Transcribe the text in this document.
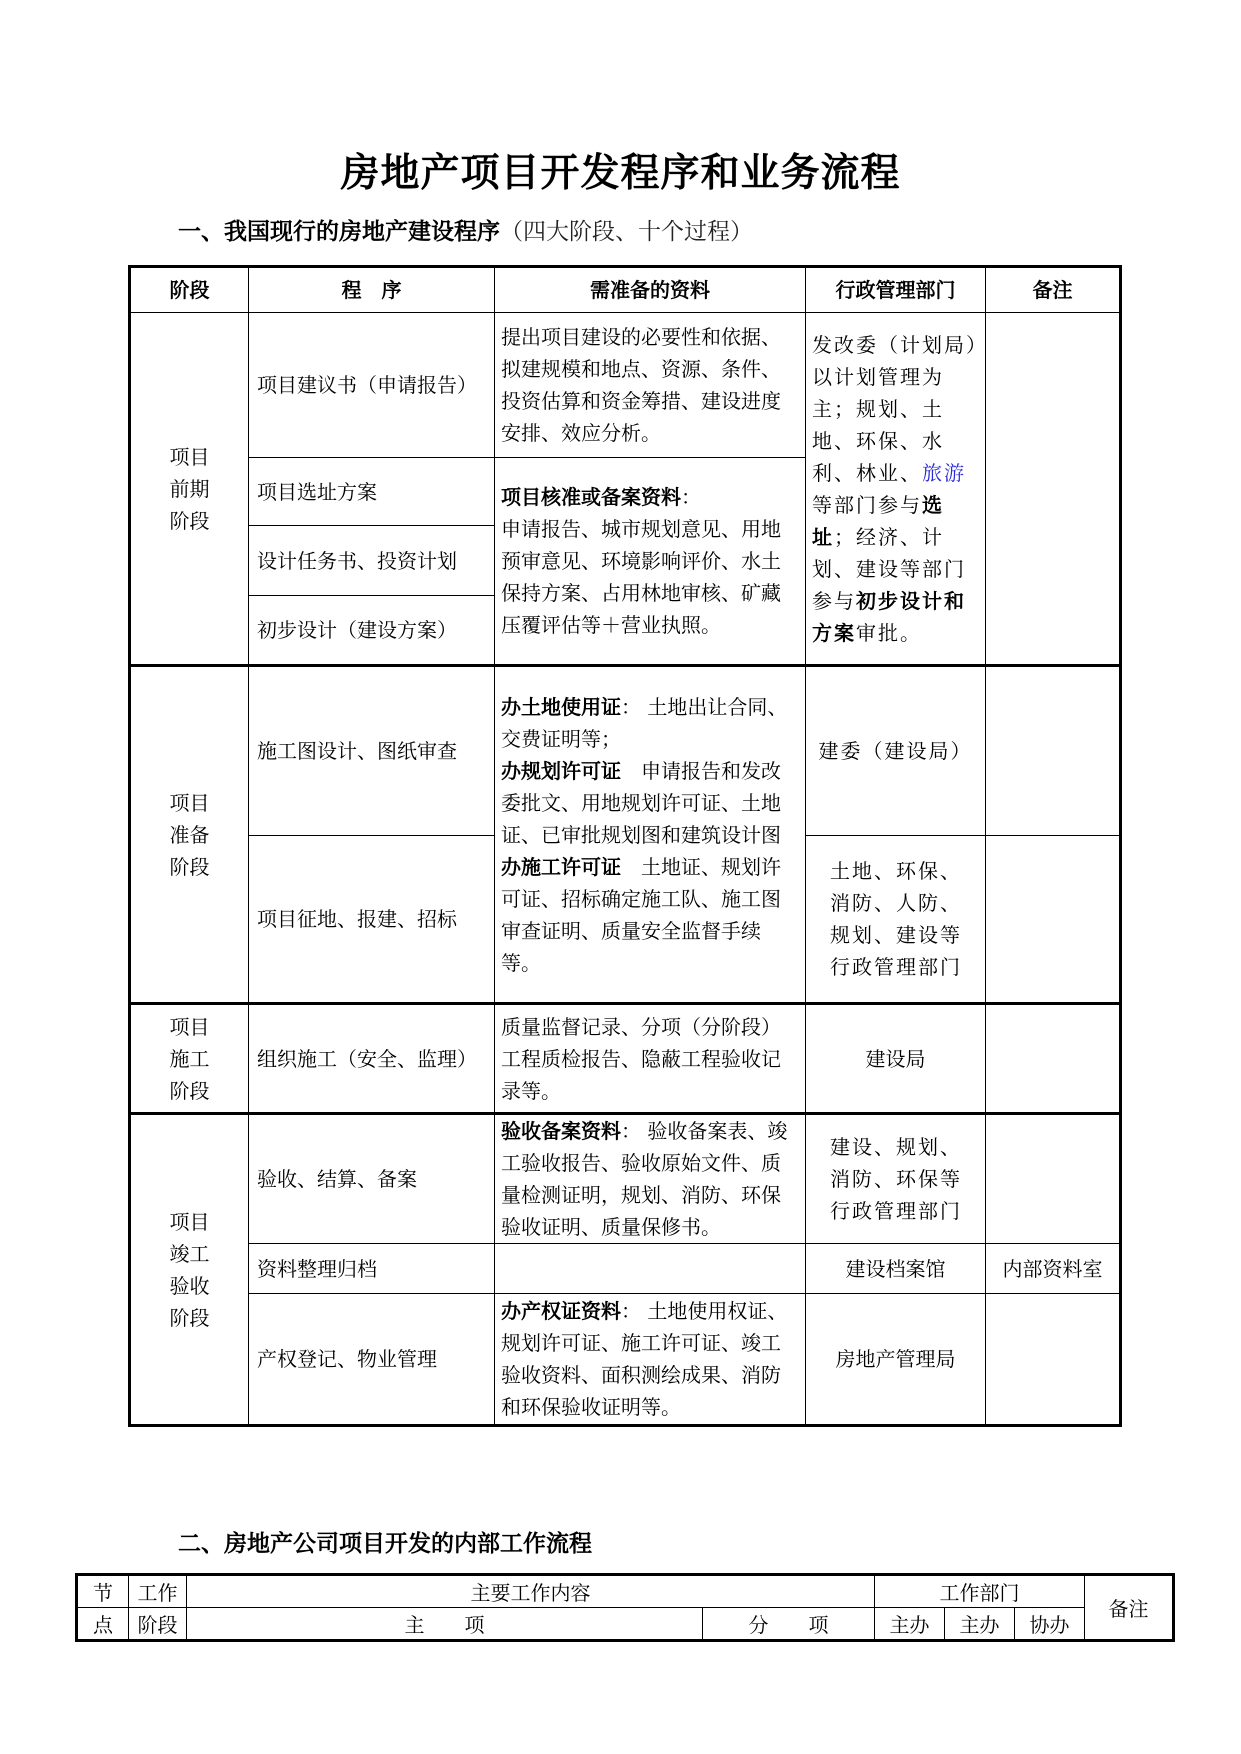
房地产项目开发程序和业务流程
一、我国现行的房地产建设程序（四大阶段、十个过程）
阶段	程　序	需准备的资料	行政管理部门	备注
项目前期阶段	项目建议书（申请报告）	提出项目建设的必要性和依据、拟建规模和地点、资源、条件、投资估算和资金筹措、建设进度安排、效应分析。	发改委（计划局）以计划管理为主；规划、土地、环保、水利、林业、旅游等部门参与选址；经济、计划、建设等部门参与初步设计和方案审批。	
	项目选址方案	项目核准或备案资料：
申请报告、城市规划意见、用地预审意见、环境影响评价、水土保持方案、占用林地审核、矿藏压覆评估等＋营业执照。		
	设计任务书、投资计划			
	初步设计（建设方案）			
项目准备阶段	施工图设计、图纸审查	办土地使用证： 土地出让合同、交费证明等；
办规划许可证　申请报告和发改委批文、用地规划许可证、土地证、已审批规划图和建筑设计图
办施工许可证　土地证、规划许可证、招标确定施工队、施工图审查证明、质量安全监督手续等。	建委（建设局）	
	项目征地、报建、招标		土地、环保、消防、人防、规划、建设等行政管理部门	
项目施工阶段	组织施工（安全、监理）	质量监督记录、分项（分阶段）工程质检报告、隐蔽工程验收记录等。	建设局	
项目竣工验收阶段	验收、结算、备案	验收备案资料： 验收备案表、竣工验收报告、验收原始文件、质量检测证明，规划、消防、环保验收证明、质量保修书。	建设、规划、消防、环保等行政管理部门	
	资料整理归档		建设档案馆	内部资料室
	产权登记、物业管理	办产权证资料： 土地使用权证、规划许可证、施工许可证、竣工验收资料、面积测绘成果、消防和环保验收证明等。	房地产管理局	
二、房地产公司项目开发的内部工作流程
节	工作	主要工作内容		工作部门			备注
点	阶段	主　　项	分　　项	主办	主办	协办	
